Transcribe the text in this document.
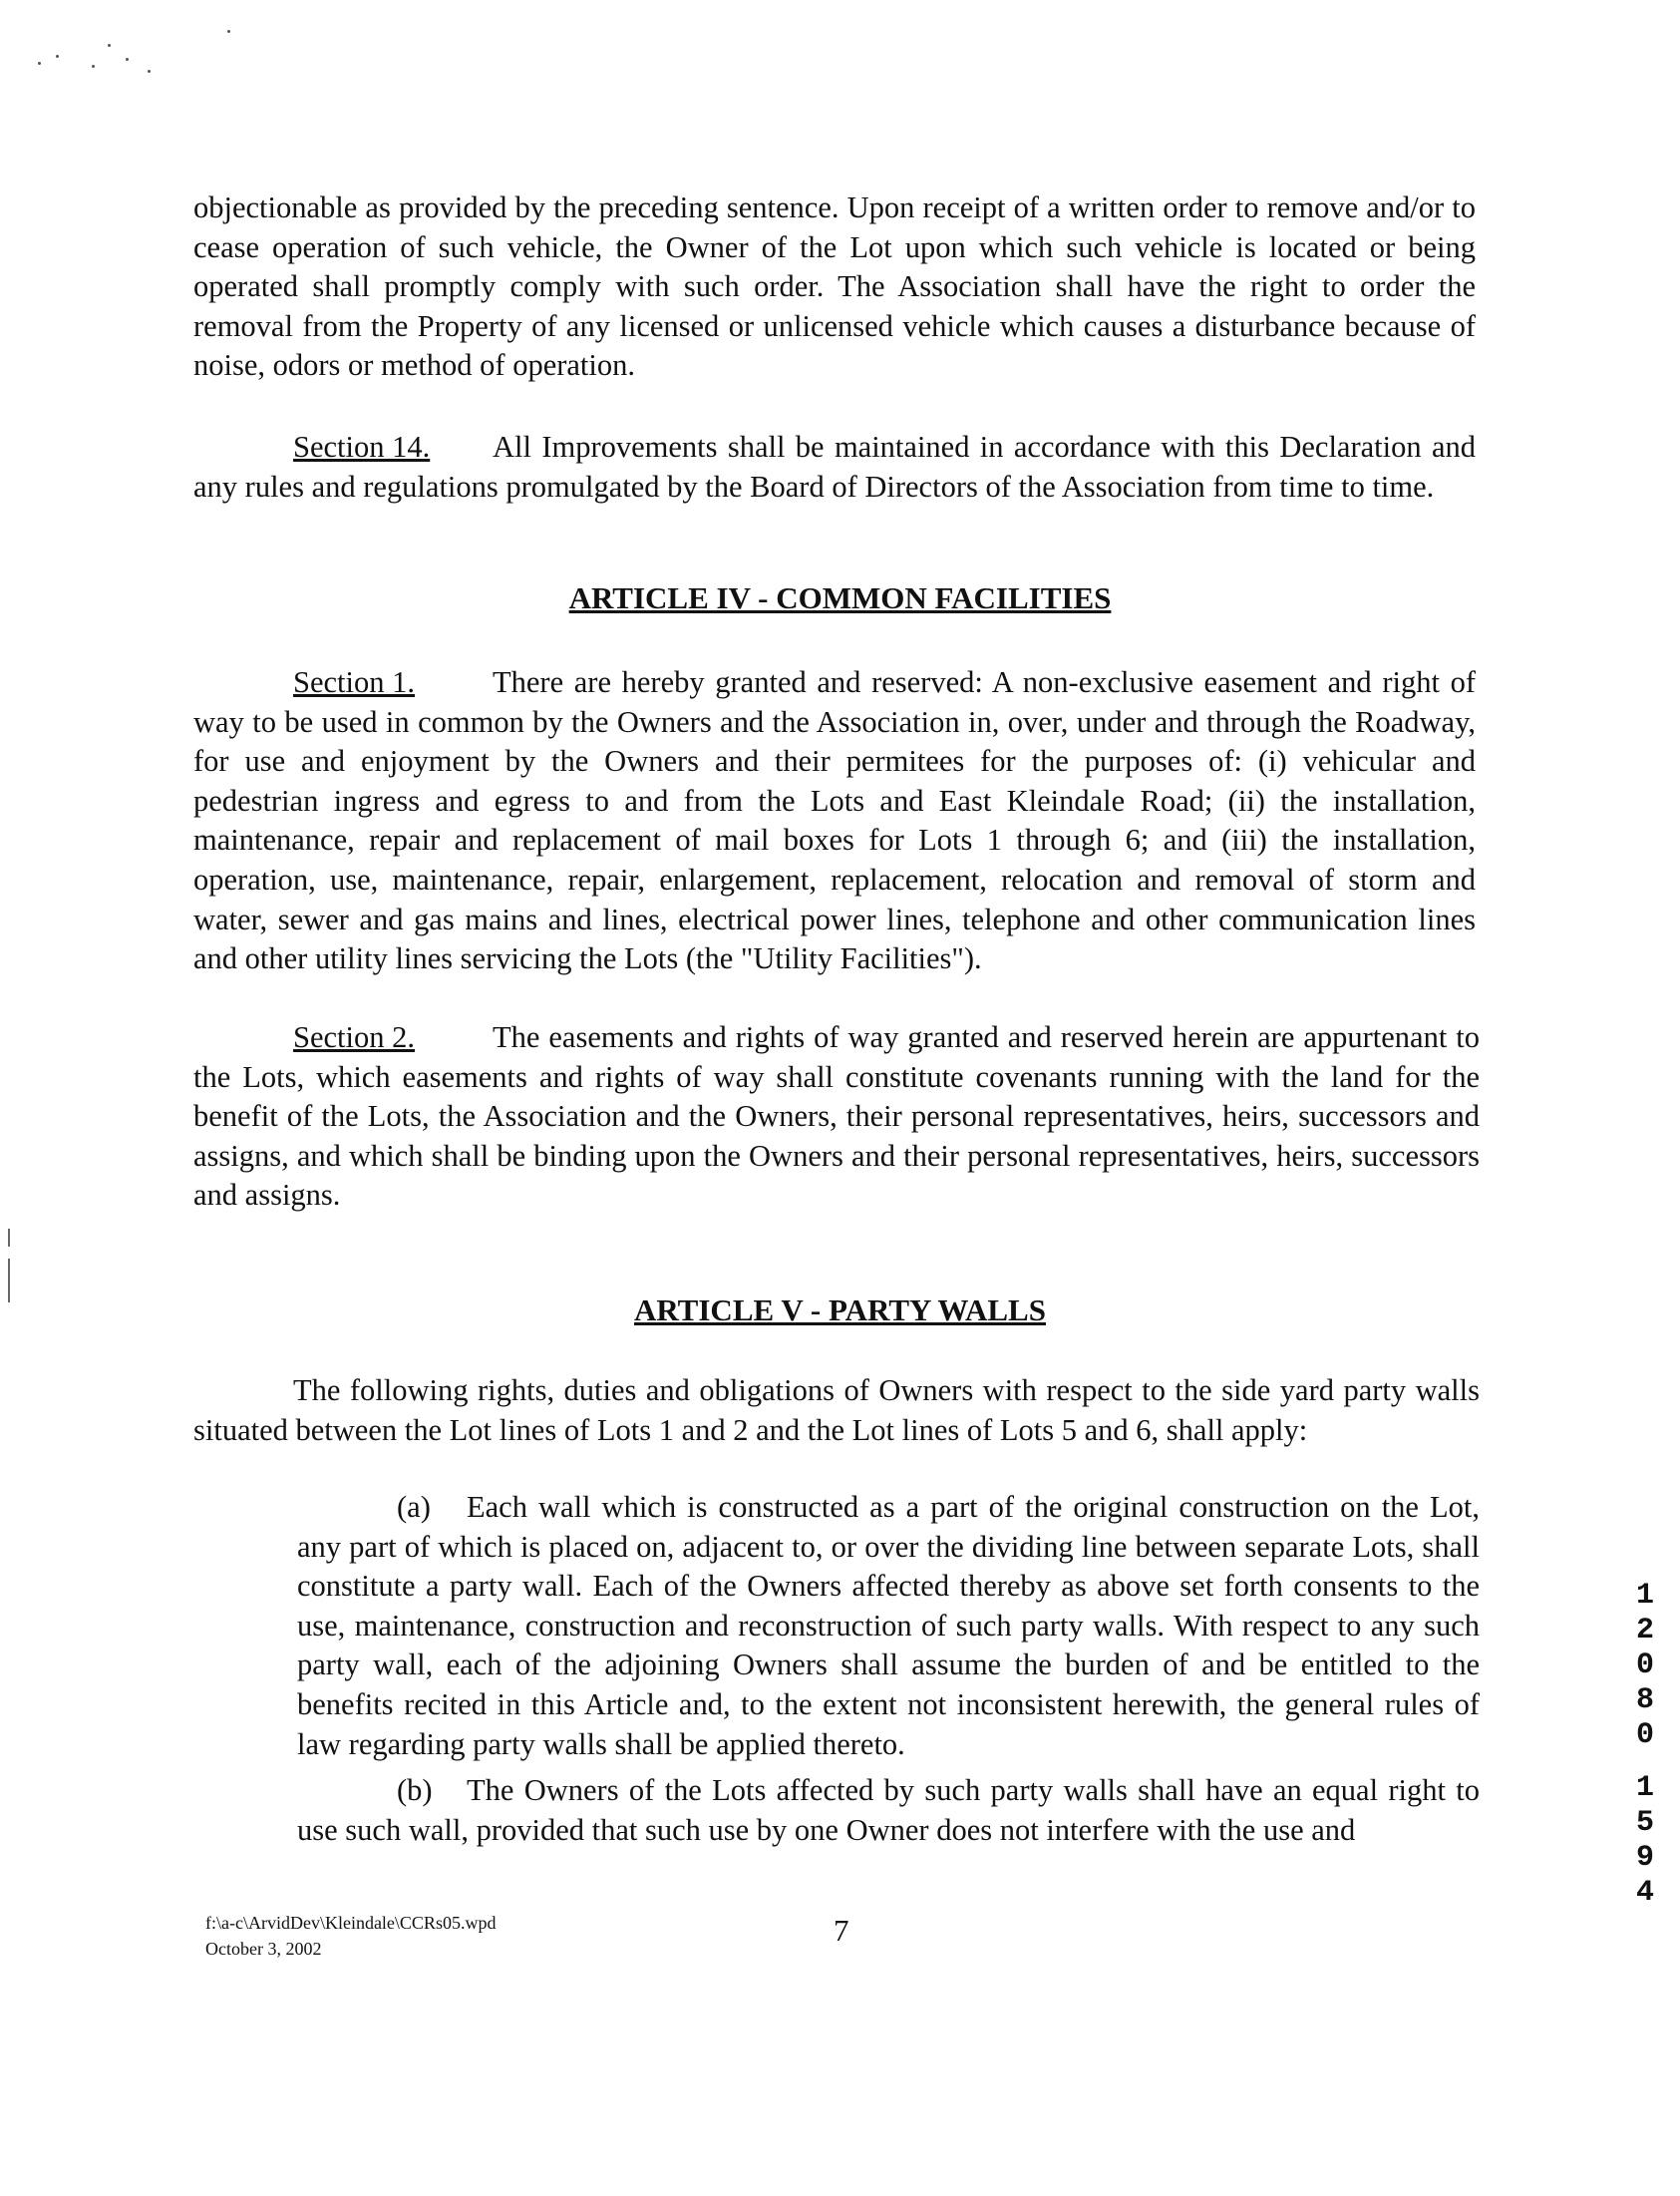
objectionable as provided by the preceding sentence. Upon receipt of a written order to remove and/or to cease operation of such vehicle, the Owner of the Lot upon which such vehicle is located or being operated shall promptly comply with such order. The Association shall have the right to order the removal from the Property of any licensed or unlicensed vehicle which causes a disturbance because of noise, odors or method of operation.

Section 14. All Improvements shall be maintained in accordance with this Declaration and any rules and regulations promulgated by the Board of Directors of the Association from time to time.

ARTICLE IV - COMMON FACILITIES

Section 1.	There are hereby granted and reserved: A non-exclusive easement and right of way to be used in common by the Owners and the Association in, over, under and through the Roadway, for use and enjoyment by the Owners and their permitees for the purposes of: (i) vehicular and pedestrian ingress and egress to and from the Lots and East Kleindale Road; (ii) the installation, maintenance, repair and replacement of mail boxes for Lots 1 through 6; and (iii) the installation, operation, use, maintenance, repair, enlargement, replacement, relocation and removal of storm and water, sewer and gas mains and lines, electrical power lines, telephone and other communication lines and other utility lines servicing the Lots (the "Utility Facilities").

Section 2.	The easements and rights of way granted and reserved herein are appurtenant to the Lots, which easements and rights of way shall constitute covenants running with the land for the benefit of the Lots, the Association and the Owners, their personal representatives, heirs, successors and assigns, and which shall be binding upon the Owners and their personal representatives, heirs, successors and assigns.

ARTICLE V - PARTY WALLS

The following rights, duties and obligations of Owners with respect to the side yard party walls situated between the Lot lines of Lots 1 and 2 and the Lot lines of Lots 5 and 6, shall apply:

(a) Each wall which is constructed as a part of the original construction on the Lot, any part of which is placed on, adjacent to, or over the dividing line between separate Lots, shall constitute a party wall. Each of the Owners affected thereby as above set forth consents to the use, maintenance, construction and reconstruction of such party walls. With respect to any such party wall, each of the adjoining Owners shall assume the burden of and be entitled to the benefits recited in this Article and, to the extent not inconsistent herewith, the general rules of law regarding party walls shall be applied thereto.

(b) The Owners of the Lots affected by such party walls shall have an equal right to use such wall, provided that such use by one Owner does not interfere with the use and

f:\a-c\ArvidDev\Kleindale\CCRs05.wpd
October 3, 2002
7
1
2
0
8
0
1
5
9
4
